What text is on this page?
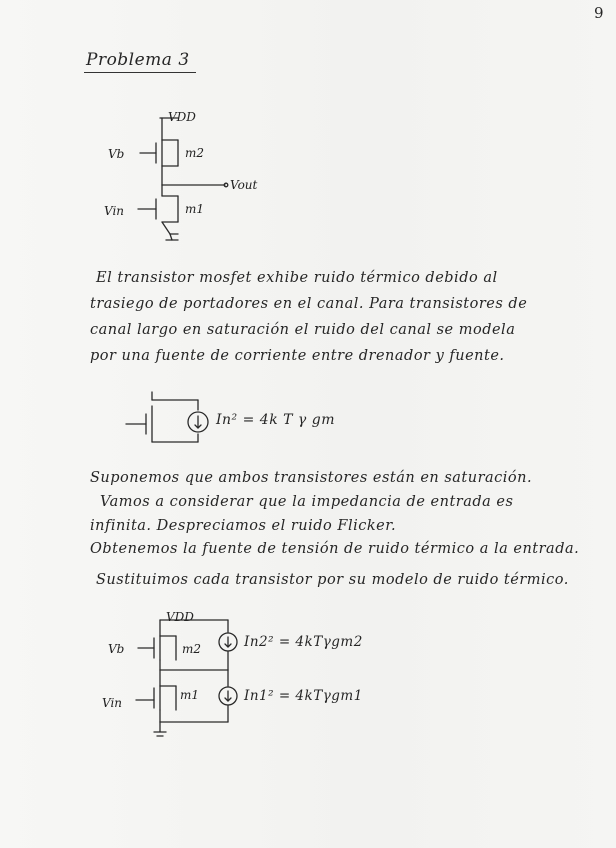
9
Problema 3
VDD
Vb	m2
Vout
Vin	m1
El transistor mosfet exhibe ruido térmico debido al
trasiego de portadores en el canal. Para transistores de
canal largo en saturación el ruido del canal se modela
por una fuente de corriente entre drenador y fuente.
In² = 4k T γ gm
Suponemos que ambos transistores están en saturación.
Vamos a considerar que la impedancia de entrada es
infinita. Despreciamos el ruido Flicker.
Obtenemos la fuente de tensión de ruido térmico a la entrada.
Sustituimos cada transistor por su modelo de ruido térmico.
VDD
Vb	m2
Vin
m1
In2² = 4kTγgm2
In1² = 4kTγgm1
